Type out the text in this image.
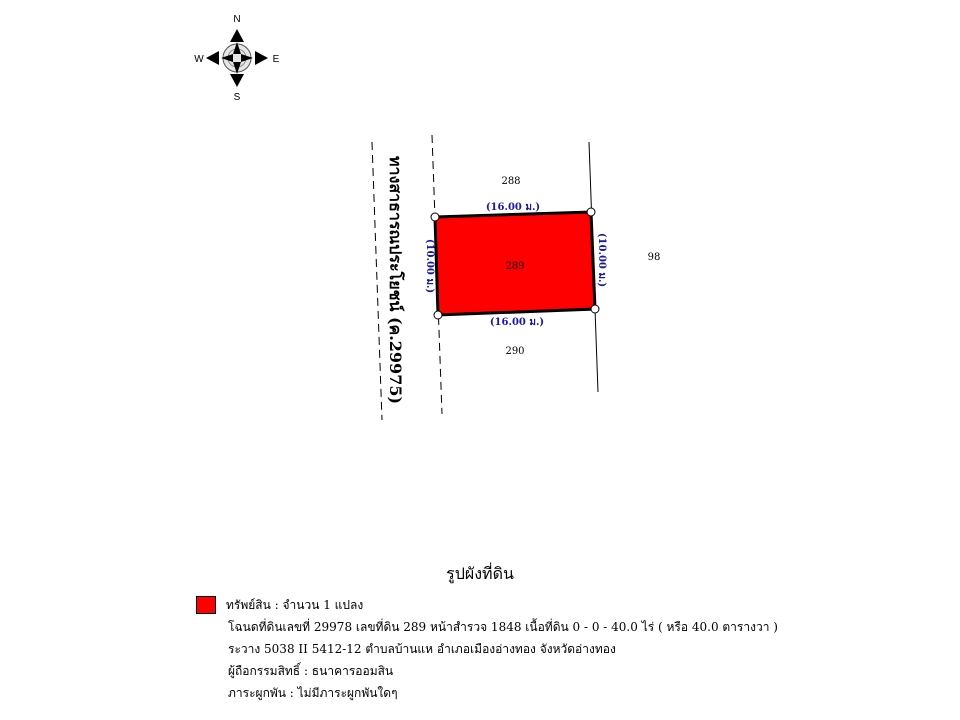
N
S
W	E
ทางสาธารณประโยชน์ (ค.29975)	288
289
98
290
(16.00 ม.)
(16.00 ม.)
(10.00 ม.)	(10.00 ม.)
รูปผังที่ดิน
ทรัพย์สิน : จำนวน 1 แปลง
โฉนดที่ดินเลขที่ 29978 เลขที่ดิน 289 หน้าสำรวจ 1848 เนื้อที่ดิน 0 - 0 - 40.0 ไร่ ( หรือ 40.0 ตารางวา )
ระวาง 5038 II 5412-12 ตำบลบ้านแห อำเภอเมืองอ่างทอง จังหวัดอ่างทอง
ผู้ถือกรรมสิทธิ์ : ธนาคารออมสิน
ภาระผูกพัน : ไม่มีภาระผูกพันใดๆ
